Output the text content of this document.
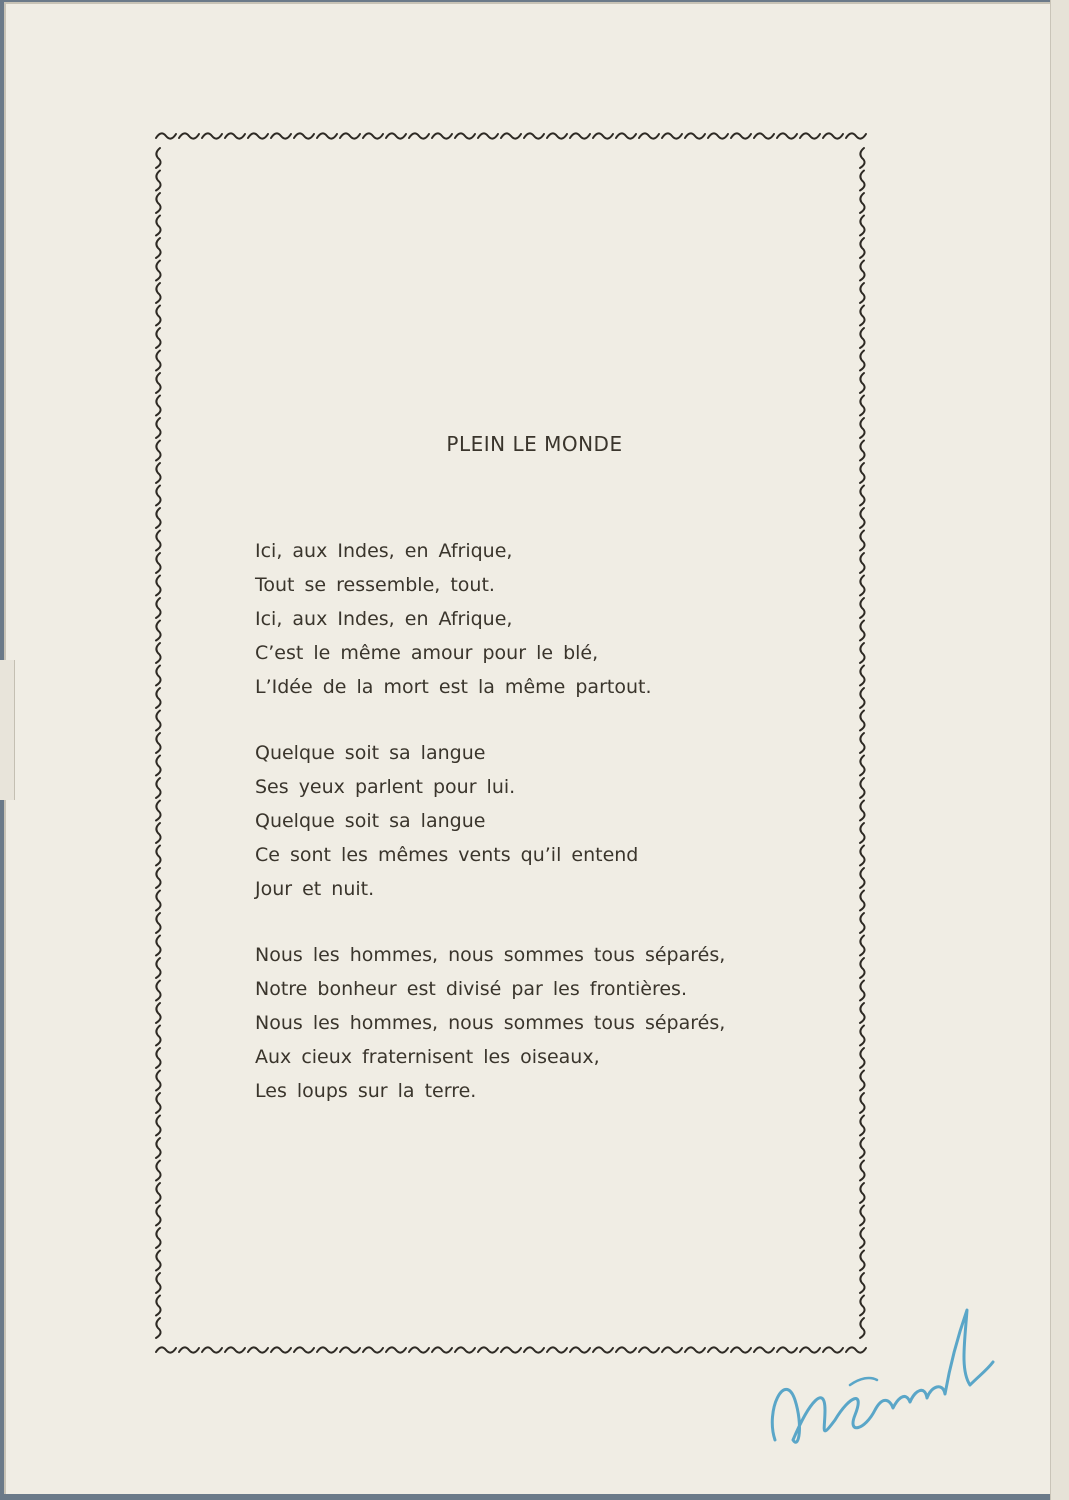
PLEIN LE MONDE
Ici, aux Indes, en Afrique,
Tout se ressemble, tout.
Ici, aux Indes, en Afrique,
C’est le même amour pour le blé,
L’Idée de la mort est la même partout.
Quelque soit sa langue
Ses yeux parlent pour lui.
Quelque soit sa langue
Ce sont les mêmes vents qu’il entend
Jour et nuit.
Nous les hommes, nous sommes tous séparés,
Notre bonheur est divisé par les frontières.
Nous les hommes, nous sommes tous séparés,
Aux cieux fraternisent les oiseaux,
Les loups sur la terre.
